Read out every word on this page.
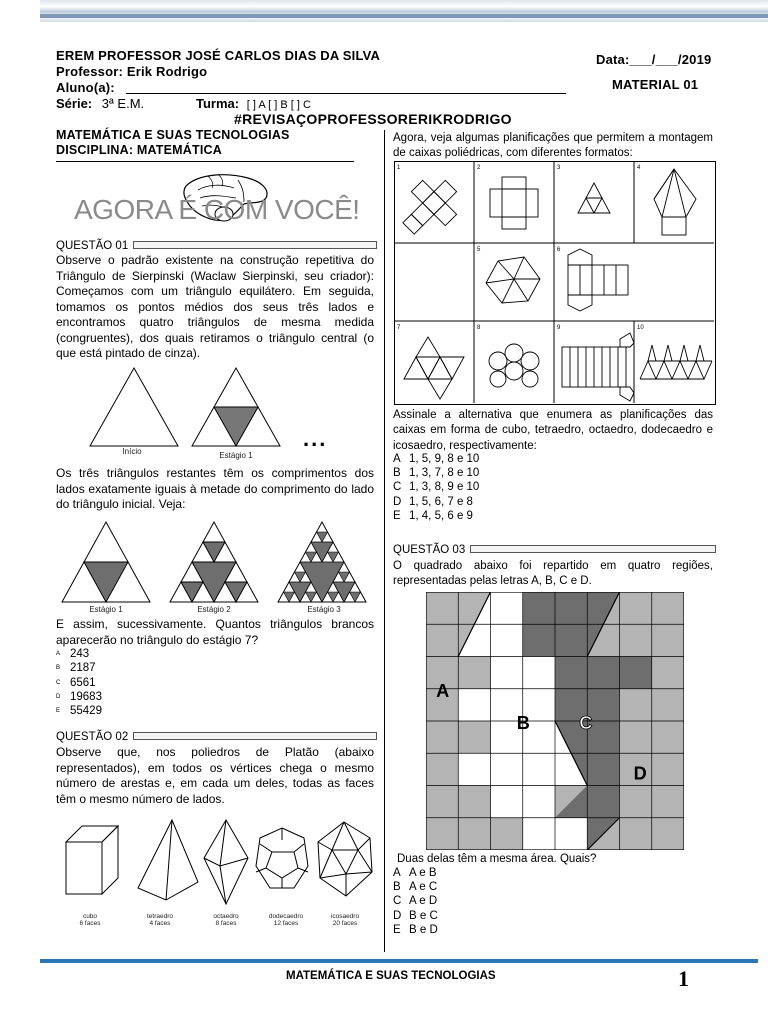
EREM PROFESSOR JOSÉ CARLOS DIAS DA SILVA
Professor: Erik Rodrigo
Aluno(a):
Data:___/___/2019
MATERIAL 01
Série: 3ª E.M.	Turma: [ ] A [ ] B [ ] C
#REVISAÇOPROFESSORERIKRODRIGO
MATEMÁTICA E SUAS TECNOLOGIAS
DISCIPLINA: MATEMÁTICA
AGORA É COM VOCÊ!
QUESTÃO 01
Observe o padrão existente na construção repetitiva do Triângulo de Sierpinski (Waclaw Sierpinski, seu criador): Começamos com um triângulo equilátero. Em seguida, tomamos os pontos médios dos seus três lados e encontramos quatro triângulos de mesma medida (congruentes), dos quais retiramos o triângulo central (o que está pintado de cinza).
Início	Estágio 1
...
Os três triângulos restantes têm os comprimentos dos lados exatamente iguais à metade do comprimento do lado do triângulo inicial. Veja:
Estágio 1	Estágio 2	Estágio 3
E assim, sucessivamente. Quantos triângulos brancos aparecerão no triângulo do estágio 7?
A 243
B 2187
C 6561
D 19683
E 55429
QUESTÃO 02
Observe que, nos poliedros de Platão (abaixo representados), em todos os vértices chega o mesmo número de arestas e, em cada um deles, todas as faces têm o mesmo número de lados.
cubo
6 faces
tetraedro
4 faces
octaedro
8 faces
dodecaedro
12 faces
icosaedro
20 faces
Agora, veja algumas planificações que permitem a montagem de caixas poliédricas, com diferentes formatos:
1	2	3	4
5	6
7	8	9	10
Assinale a alternativa que enumera as planificações das caixas em forma de cubo, tetraedro, octaedro, dodecaedro e icosaedro, respectivamente:
A 1, 5, 9, 8 e 10
B 1, 3, 7, 8 e 10
C 1, 3, 8, 9 e 10
D 1, 5, 6, 7 e 8
E 1, 4, 5, 6 e 9
QUESTÃO 03
O quadrado abaixo foi repartido em quatro regiões, representadas pelas letras A, B, C e D.
A
B	C
D
Duas delas têm a mesma área. Quais?
A A e B
B A e C
C A e D
D B e C
E B e D
MATEMÁTICA E SUAS TECNOLOGIAS	1
